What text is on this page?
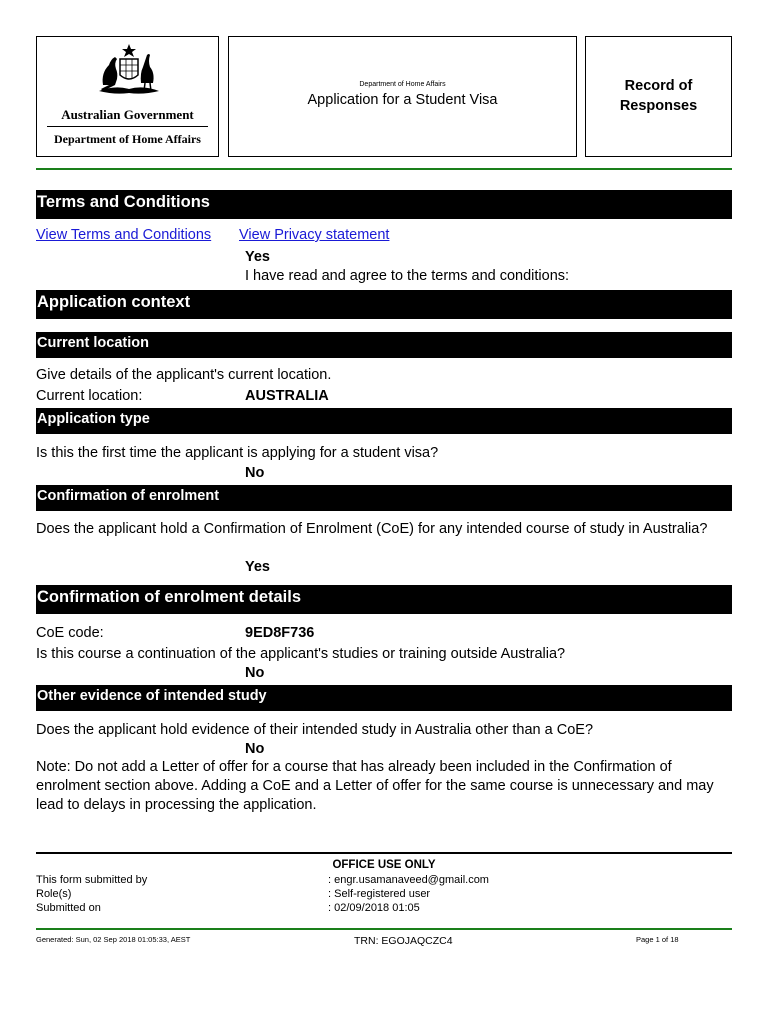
Australian Government
Department of Home Affairs
Department of Home Affairs
Application for a Student Visa
Record of
Responses
Terms and Conditions
View Terms and Conditions View Privacy statement
Yes
I have read and agree to the terms and conditions:
Application context
Current location
Give details of the applicant's current location.
Current location:	AUSTRALIA
Application type
Is this the first time the applicant is applying for a student visa?
No
Confirmation of enrolment
Does the applicant hold a Confirmation of Enrolment (CoE) for any intended course of study in Australia?
Yes
Confirmation of enrolment details
CoE code:	9ED8F736
Is this course a continuation of the applicant's studies or training outside Australia?
No
Other evidence of intended study
Does the applicant hold evidence of their intended study in Australia other than a CoE?
No
Note: Do not add a Letter of offer for a course that has already been included in the Confirmation of enrolment section above. Adding a CoE and a Letter of offer for the same course is unnecessary and may lead to delays in processing the application.
OFFICE USE ONLY
This form submitted by	: engr.usamanaveed@gmail.com
Role(s)	: Self-registered user
Submitted on	: 02/09/2018 01:05
Generated: Sun, 02 Sep 2018 01:05:33, AEST	TRN: EGOJAQCZC4	Page 1 of 18
